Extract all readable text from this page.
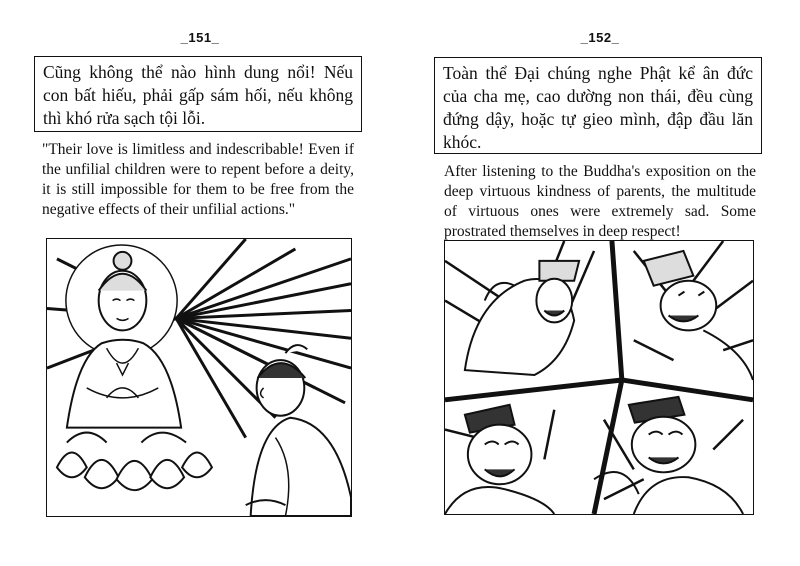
_151_
Cũng không thể nào hình dung nổi! Nếu con bất hiếu, phải gấp sám hối, nếu không thì khó rửa sạch tội lỗi.
"Their love is limitless and indescribable! Even if the unfilial children were to repent before a deity, it is still impossible for them to be free from the negative effects of their unfilial actions."
_152_
Toàn thể Đại chúng nghe Phật kể ân đức của cha mẹ, cao dường non thái, đều cùng đứng dậy, hoặc tự gieo mình, đập đầu lăn khóc.
After listening to the Buddha's exposition on the deep virtuous kindness of parents, the multitude of virtuous ones were extremely sad. Some prostrated themselves in deep respect!
